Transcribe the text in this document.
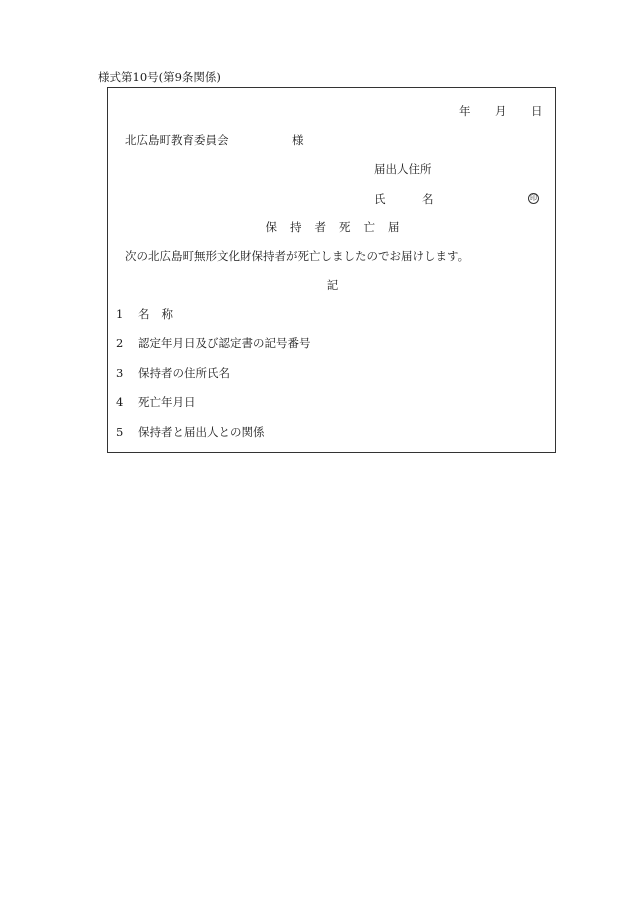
様式第10号(第9条関係)
年 月 日
北広島町教育委員会	様
届出人住所
氏	名	印
保持者死亡届
次の北広島町無形文化財保持者が死亡しましたのでお届けします。
記
1 名称
2 認定年月日及び認定書の記号番号
3 保持者の住所氏名
4 死亡年月日
5 保持者と届出人との関係
